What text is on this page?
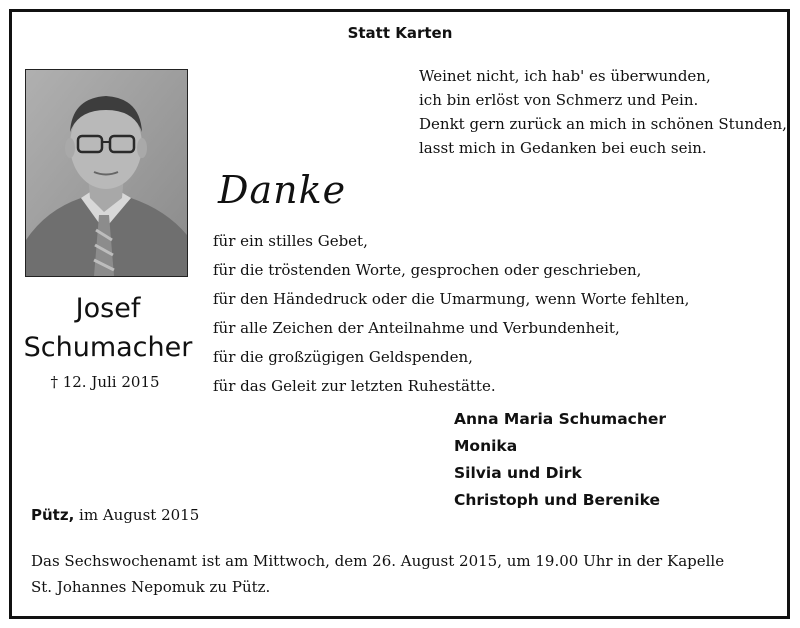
Statt Karten
Weinet nicht, ich hab' es überwunden,
ich bin erlöst von Schmerz und Pein.
Denkt gern zurück an mich in schönen Stunden,
lasst mich in Gedanken bei euch sein.
Josef
Schumacher
† 12. Juli 2015
Danke
für ein stilles Gebet,
für die tröstenden Worte, gesprochen oder geschrieben,
für den Händedruck oder die Umarmung, wenn Worte fehlten,
für alle Zeichen der Anteilnahme und Verbundenheit,
für die großzügigen Geldspenden,
für das Geleit zur letzten Ruhestätte.
Anna Maria Schumacher
Monika
Silvia und Dirk
Christoph und Berenike
Pütz, im August 2015
Das Sechswochenamt ist am Mittwoch, dem 26. August 2015, um 19.00 Uhr in der Kapelle
St. Johannes Nepomuk zu Pütz.
